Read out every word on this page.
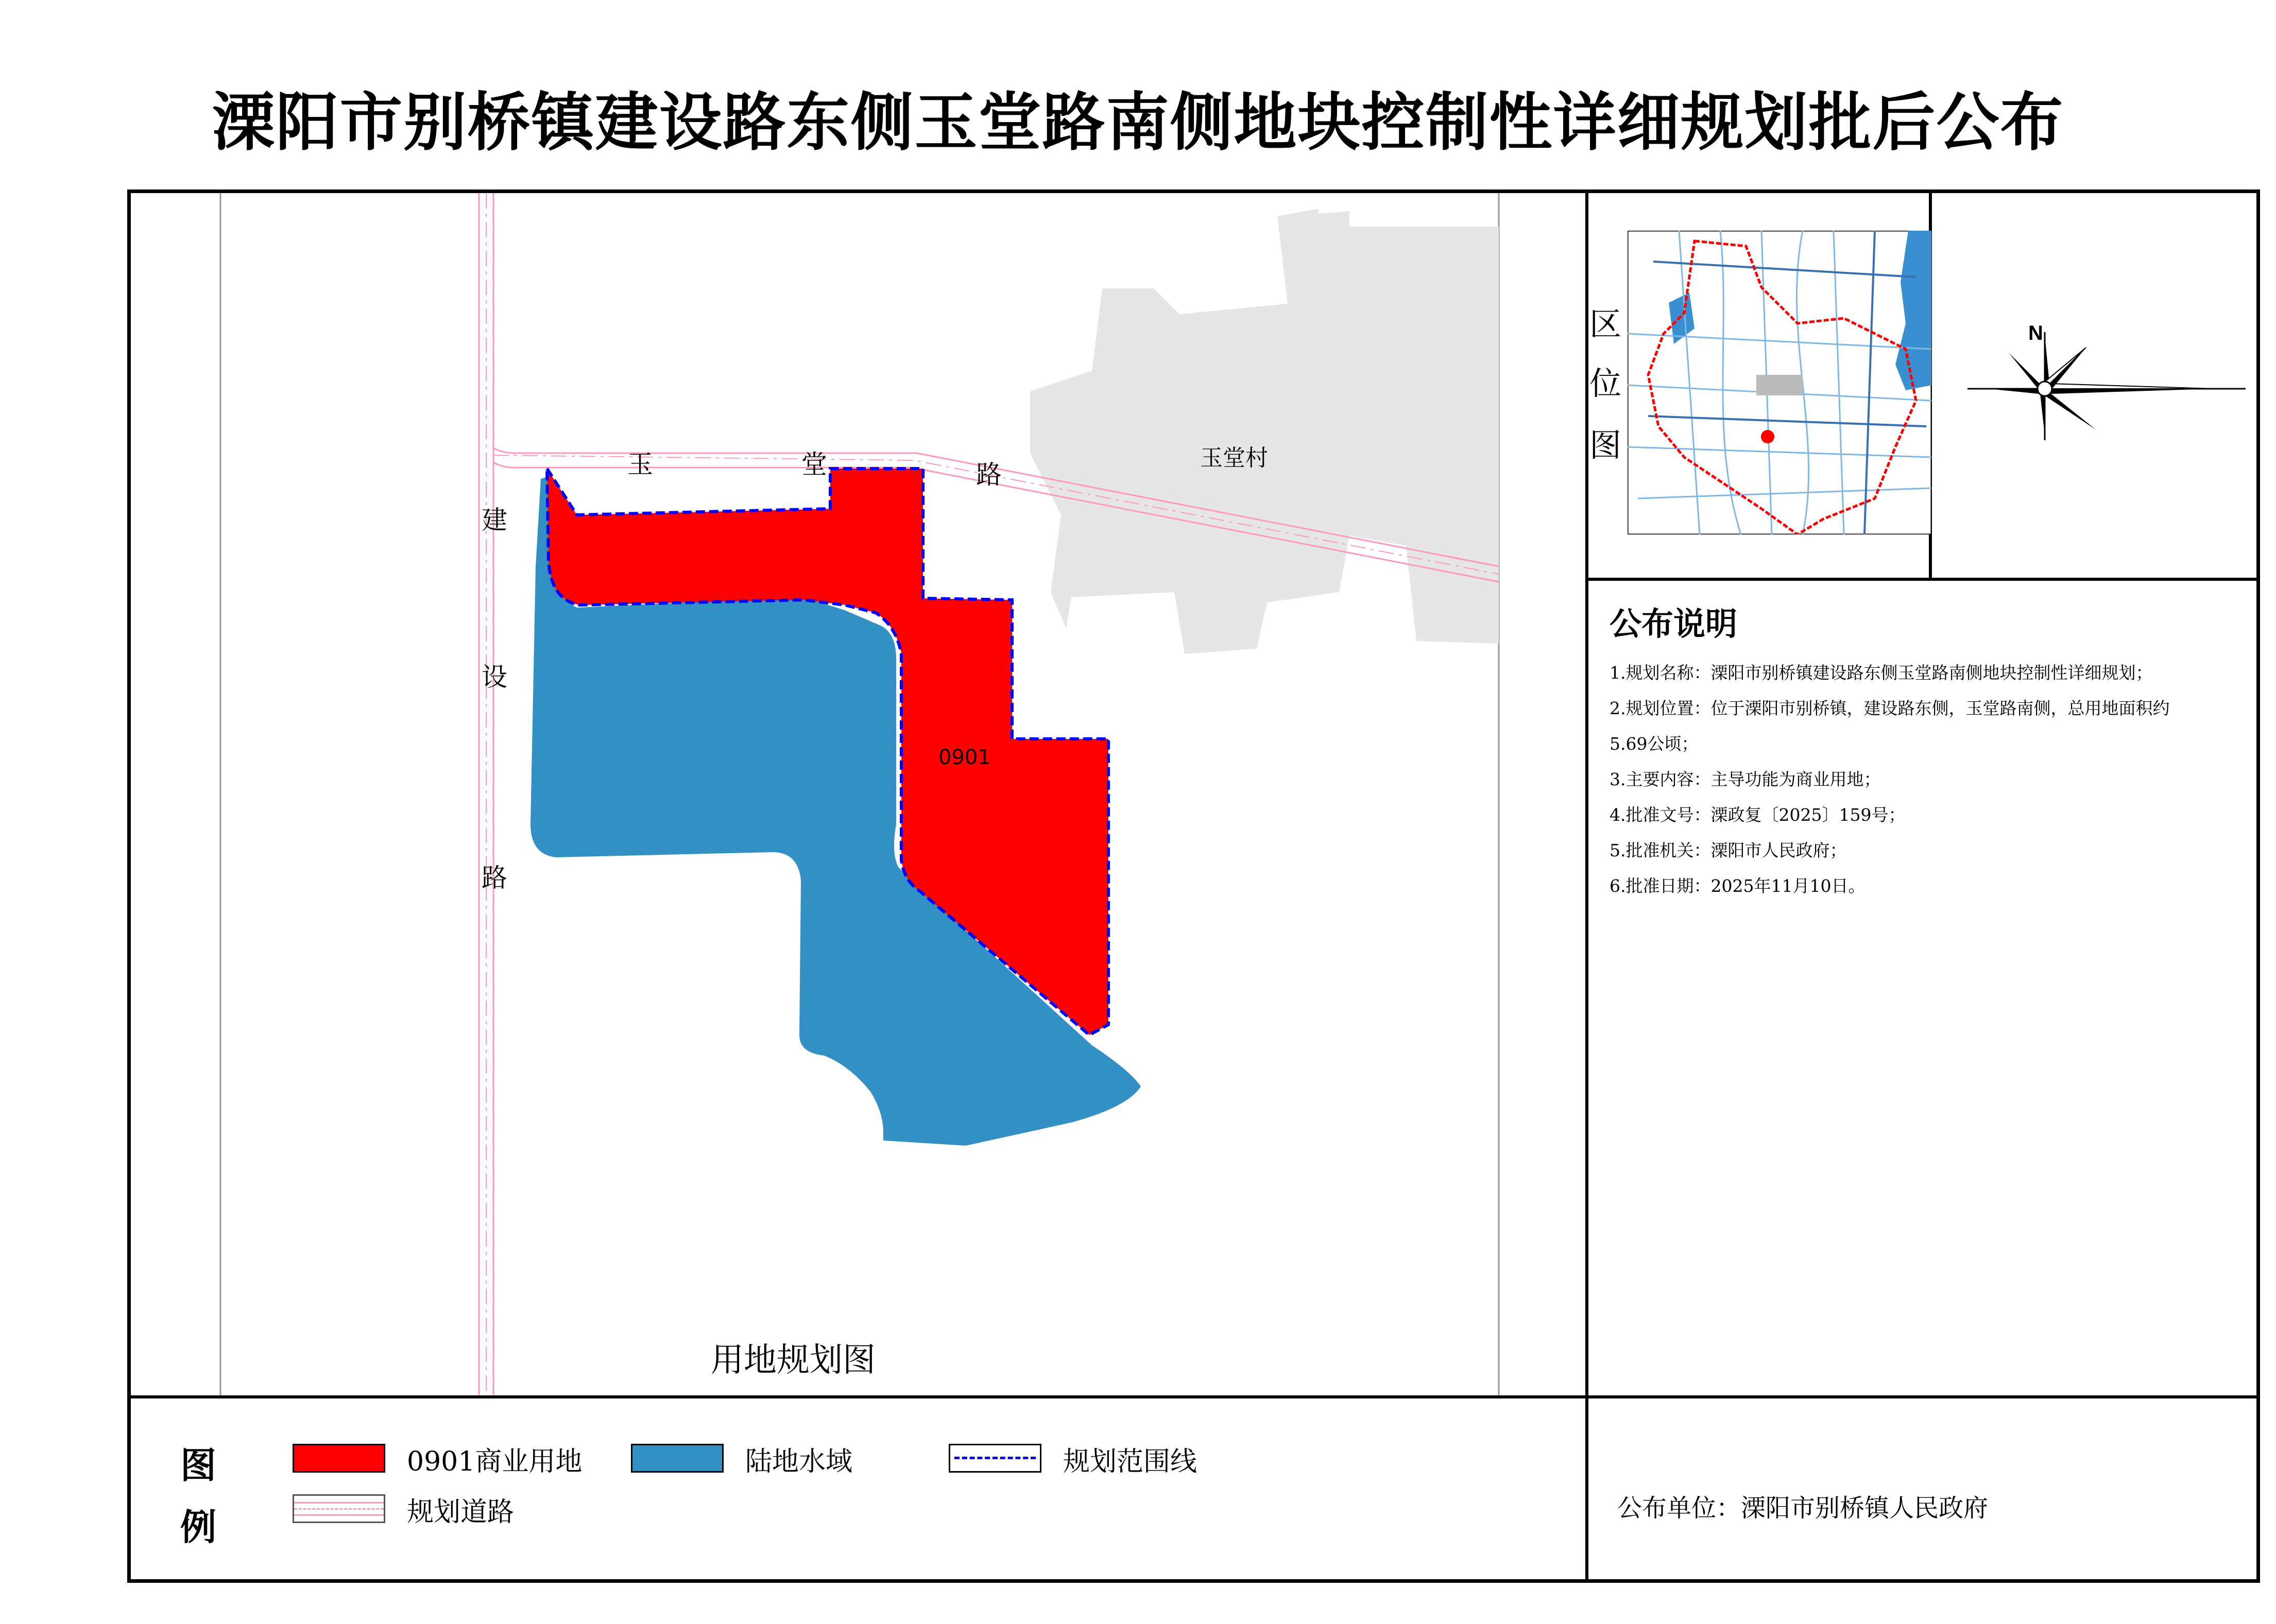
溧阳市别桥镇建设路东侧玉堂路南侧地块控制性详细规划批后公布
玉	堂	路
建
设
路
玉堂村
0901
用地规划图
区
位
图
N
公布说明
1.规划名称：溧阳市别桥镇建设路东侧玉堂路南侧地块控制性详细规划；
2.规划位置：位于溧阳市别桥镇，建设路东侧，玉堂路南侧，总用地面积约
5.69公顷；
3.主要内容：主导功能为商业用地；
4.批准文号：溧政复〔2025〕159号；
5.批准机关：溧阳市人民政府；
6.批准日期：2025年11月10日。
图
例
0901商业用地	陆地水域	规划范围线
规划道路	公布单位：溧阳市别桥镇人民政府
